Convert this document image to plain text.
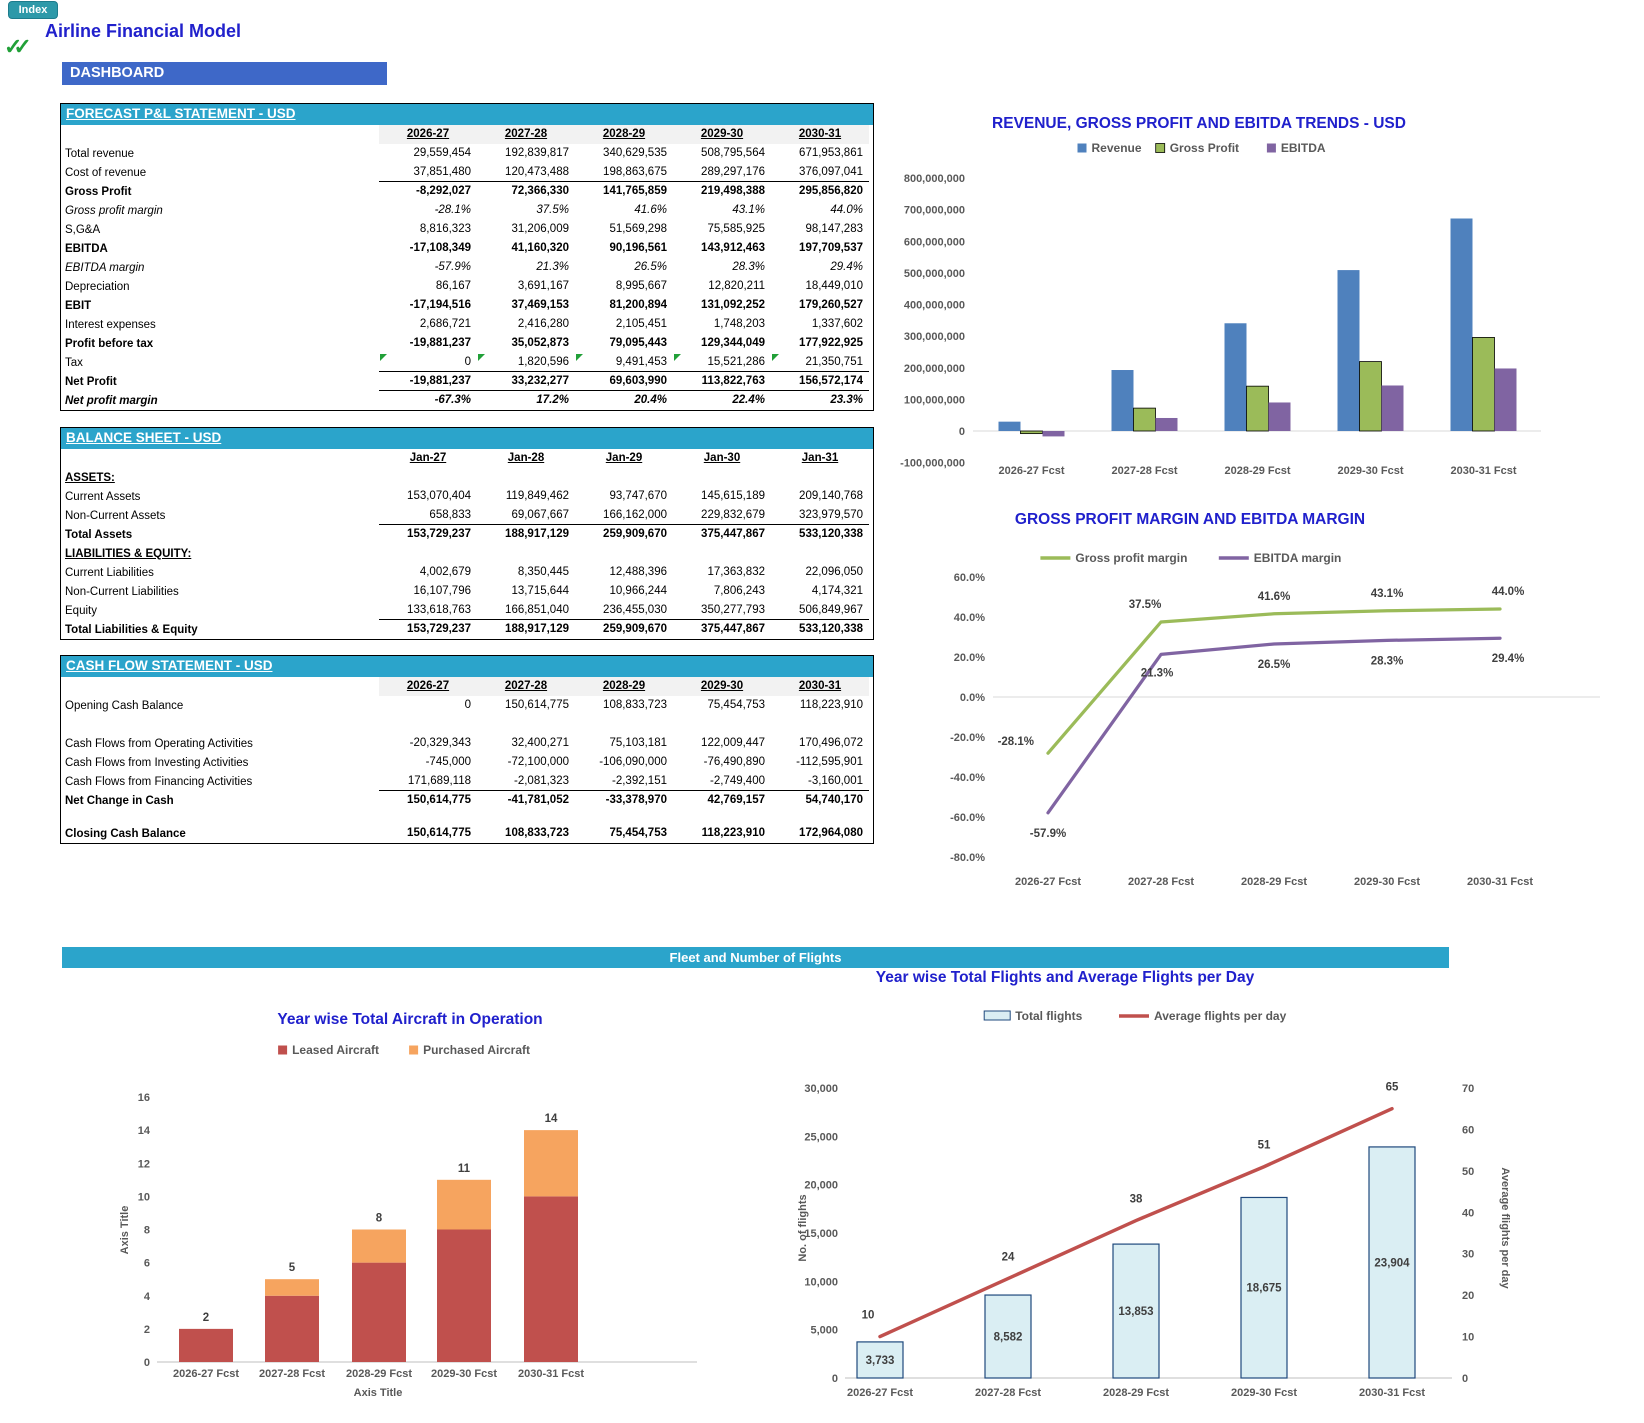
Index
✓✓
Airline Financial Model
DASHBOARD
FORECAST P&L STATEMENT - USD
2026-27	2027-28	2028-29	2029-30	2030-31
Total revenue	29,559,454	192,839,817	340,629,535	508,795,564	671,953,861
Cost of revenue	37,851,480	120,473,488	198,863,675	289,297,176	376,097,041
Gross Profit	-8,292,027	72,366,330	141,765,859	219,498,388	295,856,820
Gross profit margin	-28.1%	37.5%	41.6%	43.1%	44.0%
S,G&A	8,816,323	31,206,009	51,569,298	75,585,925	98,147,283
EBITDA	-17,108,349	41,160,320	90,196,561	143,912,463	197,709,537
EBITDA margin	-57.9%	21.3%	26.5%	28.3%	29.4%
Depreciation	86,167	3,691,167	8,995,667	12,820,211	18,449,010
EBIT	-17,194,516	37,469,153	81,200,894	131,092,252	179,260,527
Interest expenses	2,686,721	2,416,280	2,105,451	1,748,203	1,337,602
Profit before tax	-19,881,237	35,052,873	79,095,443	129,344,049	177,922,925
Tax	0	1,820,596	9,491,453	15,521,286	21,350,751
Net Profit	-19,881,237	33,232,277	69,603,990	113,822,763	156,572,174
Net profit margin	-67.3%	17.2%	20.4%	22.4%	23.3%
BALANCE SHEET - USD
Jan-27	Jan-28	Jan-29	Jan-30	Jan-31
ASSETS:
Current Assets	153,070,404	119,849,462	93,747,670	145,615,189	209,140,768
Non-Current Assets	658,833	69,067,667	166,162,000	229,832,679	323,979,570
Total Assets	153,729,237	188,917,129	259,909,670	375,447,867	533,120,338
LIABILITIES & EQUITY:
Current Liabilities	4,002,679	8,350,445	12,488,396	17,363,832	22,096,050
Non-Current Liabilities	16,107,796	13,715,644	10,966,244	7,806,243	4,174,321
Equity	133,618,763	166,851,040	236,455,030	350,277,793	506,849,967
Total Liabilities & Equity	153,729,237	188,917,129	259,909,670	375,447,867	533,120,338
CASH FLOW STATEMENT - USD
2026-27	2027-28	2028-29	2029-30	2030-31
Opening Cash Balance	0	150,614,775	108,833,723	75,454,753	118,223,910
Cash Flows from Operating Activities	-20,329,343	32,400,271	75,103,181	122,009,447	170,496,072
Cash Flows from Investing Activities	-745,000	-72,100,000	-106,090,000	-76,490,890	-112,595,901
Cash Flows from Financing Activities	171,689,118	-2,081,323	-2,392,151	-2,749,400	-3,160,001
Net Change in Cash	150,614,775	-41,781,052	-33,378,970	42,769,157	54,740,170
Closing Cash Balance	150,614,775	108,833,723	75,454,753	118,223,910	172,964,080
Fleet and Number of Flights
REVENUE, GROSS PROFIT AND EBITDA TRENDS - USD
Revenue Gross Profit	EBITDA
800,000,000
700,000,000
600,000,000
500,000,000
400,000,000
300,000,000
200,000,000
100,000,000
0
-100,000,000
2026-27 Fcst	2027-28 Fcst	2028-29 Fcst	2029-30 Fcst	2030-31 Fcst
GROSS PROFIT MARGIN AND EBITDA MARGIN
Gross profit margin	EBITDA margin
60.0%
40.0%
20.0%
0.0%
-20.0%
-40.0%
-60.0%
-80.0%
-28.1%
37.5%
41.6%	43.1%	44.0%
-57.9%
21.3%
26.5%	28.3%	29.4%
2026-27 Fcst	2027-28 Fcst	2028-29 Fcst	2029-30 Fcst	2030-31 Fcst
Year wise Total Aircraft in Operation
Leased Aircraft	Purchased Aircraft
0
2
4
6
8
10
12
14
16
2
2026-27 Fcst
5
2027-28 Fcst
8
2028-29 Fcst
11
2029-30 Fcst
14
2030-31 Fcst
Axis Title
Axis Title
Year wise Total Flights and Average Flights per Day
Total flights	Average flights per day
0
5,000
10,000
15,000
20,000
25,000
30,000
0
10
20
30
40
50
60
70
3,733
2026-27 Fcst
8,582
2027-28 Fcst
13,853
2028-29 Fcst
18,675
2029-30 Fcst
23,904
2030-31 Fcst
10
24
38
51
65
No. of flights	Average flights per day
